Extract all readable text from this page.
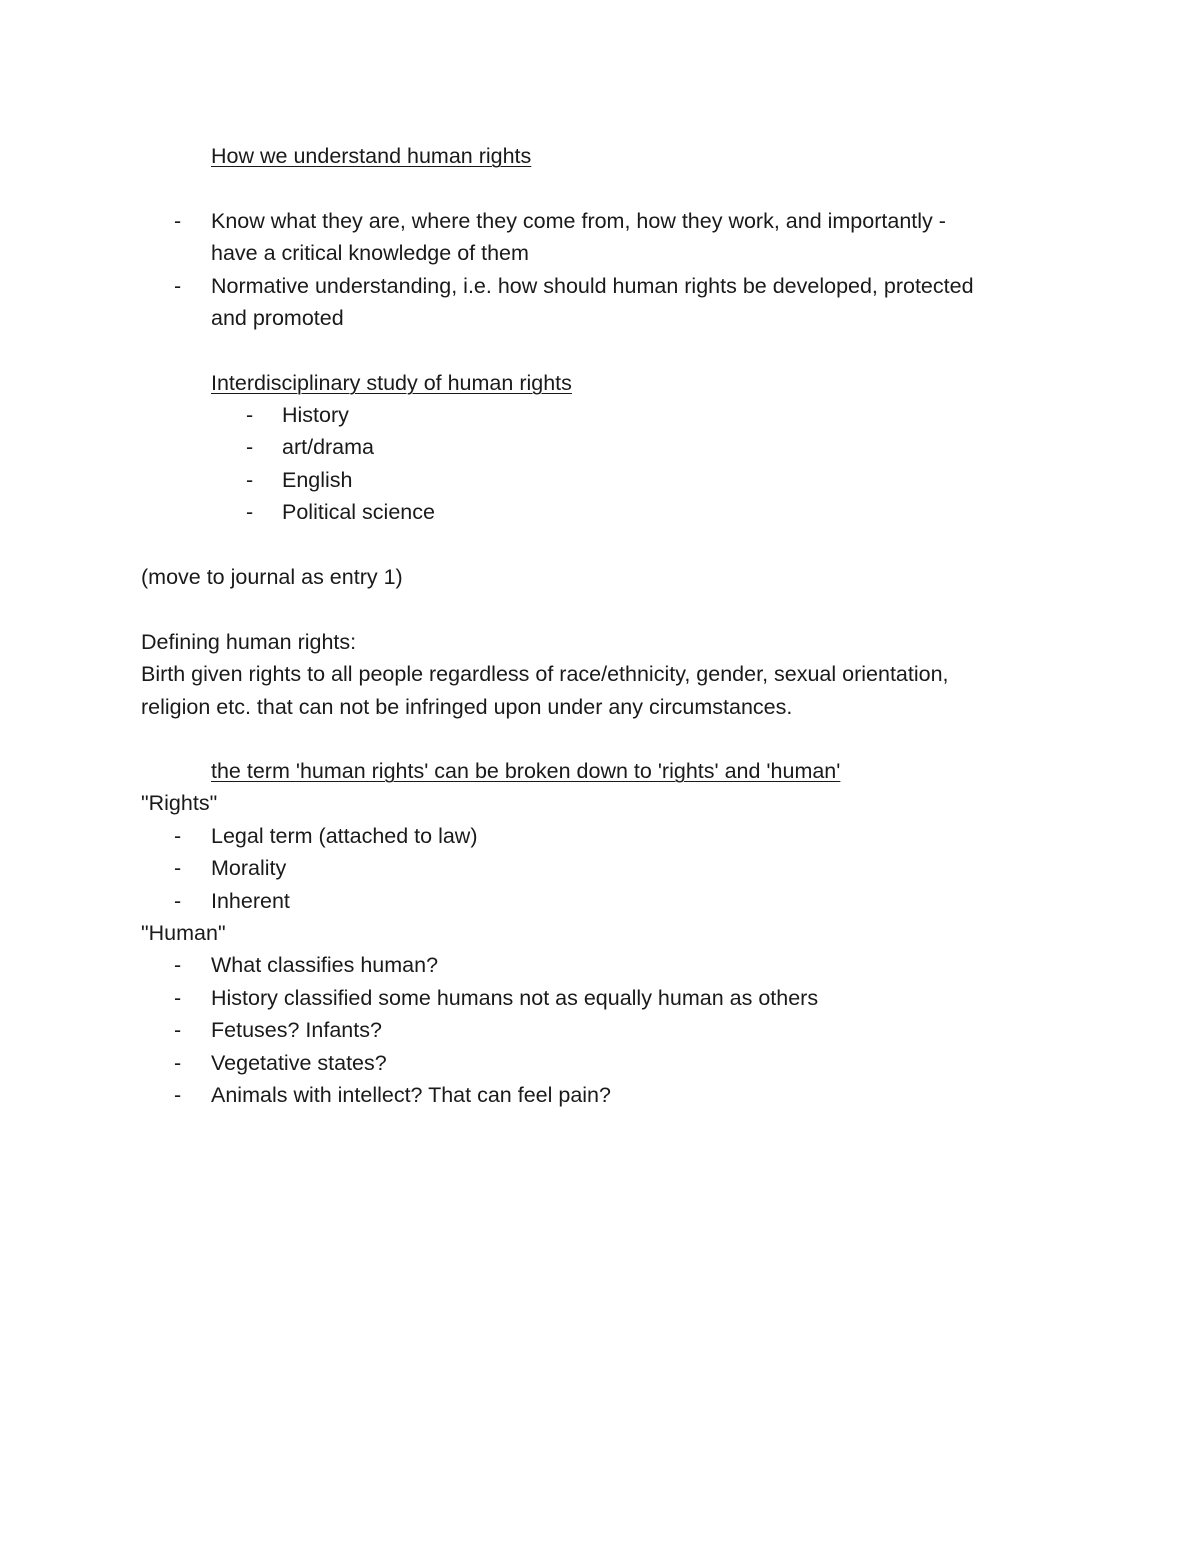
How we understand human rights
- Know what they are, where they come from, how they work, and importantly -
have a critical knowledge of them
- Normative understanding, i.e. how should human rights be developed, protected
and promoted
Interdisciplinary study of human rights
- History
- art/drama
- English
- Political science
(move to journal as entry 1)
Defining human rights:
Birth given rights to all people regardless of race/ethnicity, gender, sexual orientation,
religion etc. that can not be infringed upon under any circumstances.
the term 'human rights' can be broken down to 'rights' and 'human'
"Rights"
- Legal term (attached to law)
- Morality
- Inherent
"Human"
- What classifies human?
- History classified some humans not as equally human as others
- Fetuses? Infants?
- Vegetative states?
- Animals with intellect? That can feel pain?
